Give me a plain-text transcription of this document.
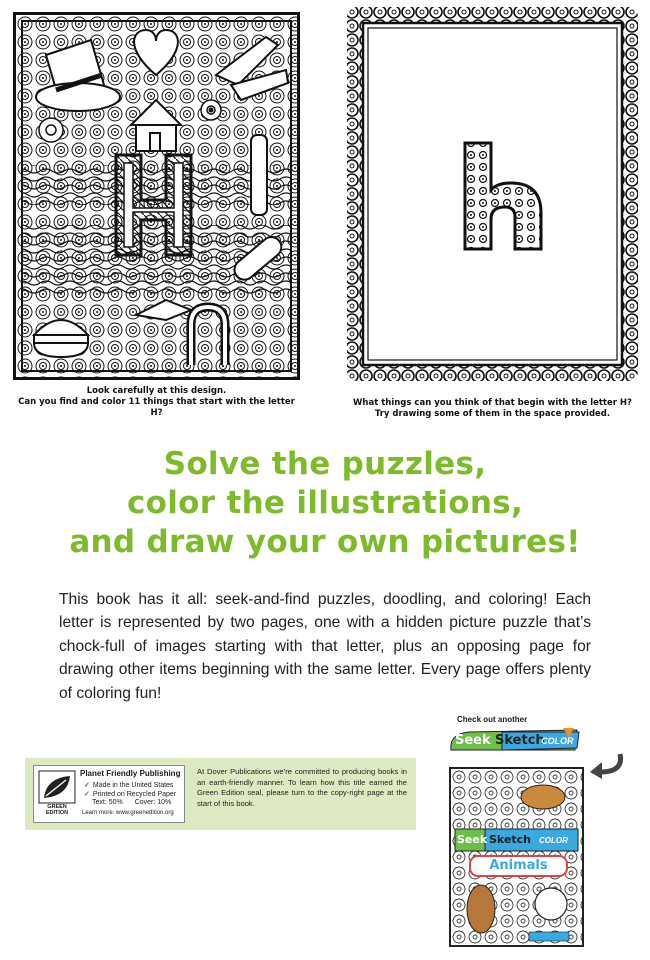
Look carefully at this design.
Can you find and color 11 things that start with the letter H?
What things can you think of that begin with the letter H?
Try drawing some of them in the space provided.
Solve the puzzles,
color the illustrations,
and draw your own pictures!
This book has it all: seek-and-find puzzles, doodling, and coloring! Each letter is represented by two pages, one with a hidden picture puzzle that’s chock-full of images starting with that letter, plus an opposing page for drawing other items beginning with the same letter. Every page offers plenty of coloring fun!
GREEN EDITION
Planet Friendly Publishing
✓ Made in the United States
✓ Printed on Recycled Paper
Text: 50% Cover: 10%
Learn more: www.greenedition.org
At Dover Publications we’re committed to producing books in an earth-friendly manner. To learn how this title earned the Green Edition seal, please turn to the copy-right page at the start of this book.
Check out another
Seek Sketch
COLOR
Seek Sketch COLOR
Animals
